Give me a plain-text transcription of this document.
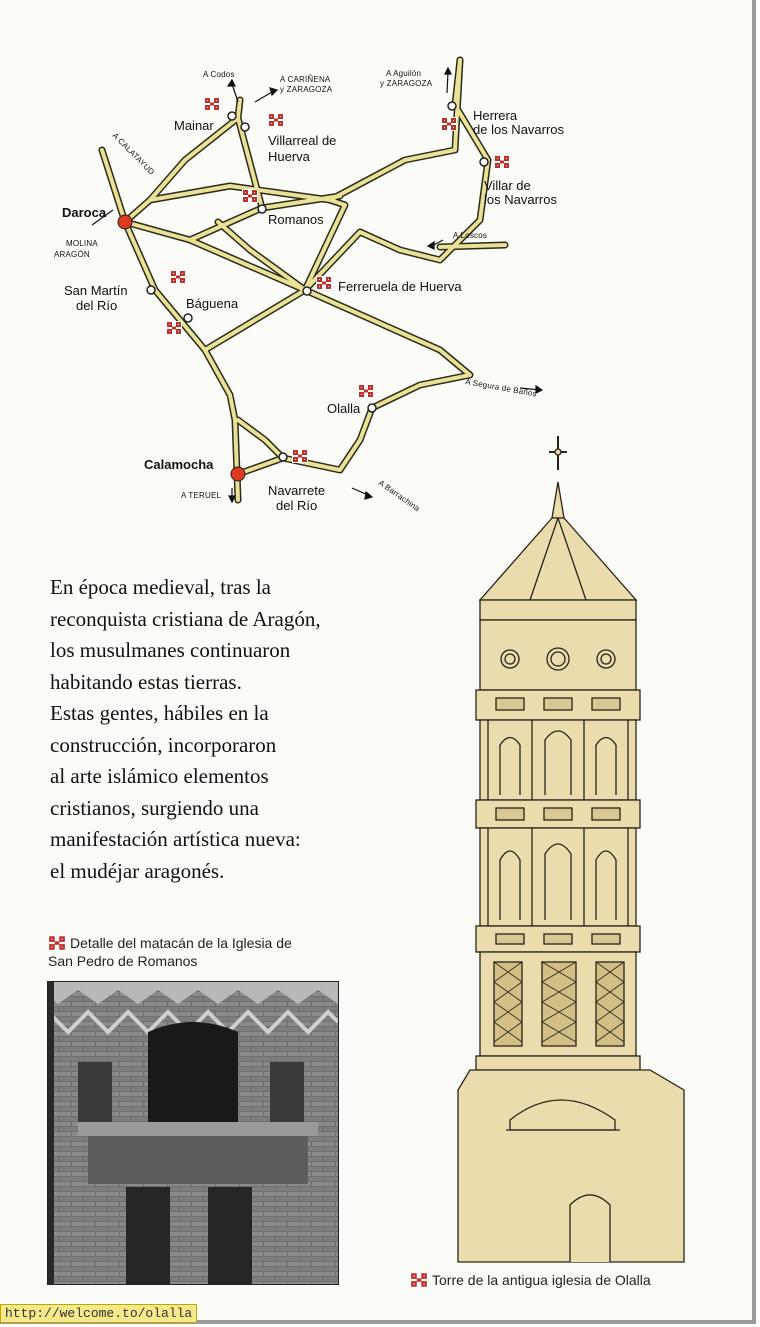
Daroca
Calamocha
Mainar
Villarreal de
Huerva
Herrera
de los Navarros
Villar de
los Navarros
Romanos
San Martín
del Río	Báguena
Ferreruela de Huerva
Olalla
Navarrete
del Río
A Codos
A CARIÑENA
y ZARAGOZA
A Aguilón
y ZARAGOZA
A CALATAYUD
MOLINA
ARAGÓN
A Loscos
A Segura de Baños
A Barrachina
A TERUEL
En época medieval, tras la
reconquista cristiana de Aragón,
los musulmanes continuaron
habitando estas tierras.
Estas gentes, hábiles en la
construcción, incorporaron
al arte islámico elementos
cristianos, surgiendo una
manifestación artística nueva:
el mudéjar aragonés.
Detalle del matacán de la Iglesia de
San Pedro de Romanos
Torre de la antigua iglesia de Olalla
http://welcome.to/olalla
